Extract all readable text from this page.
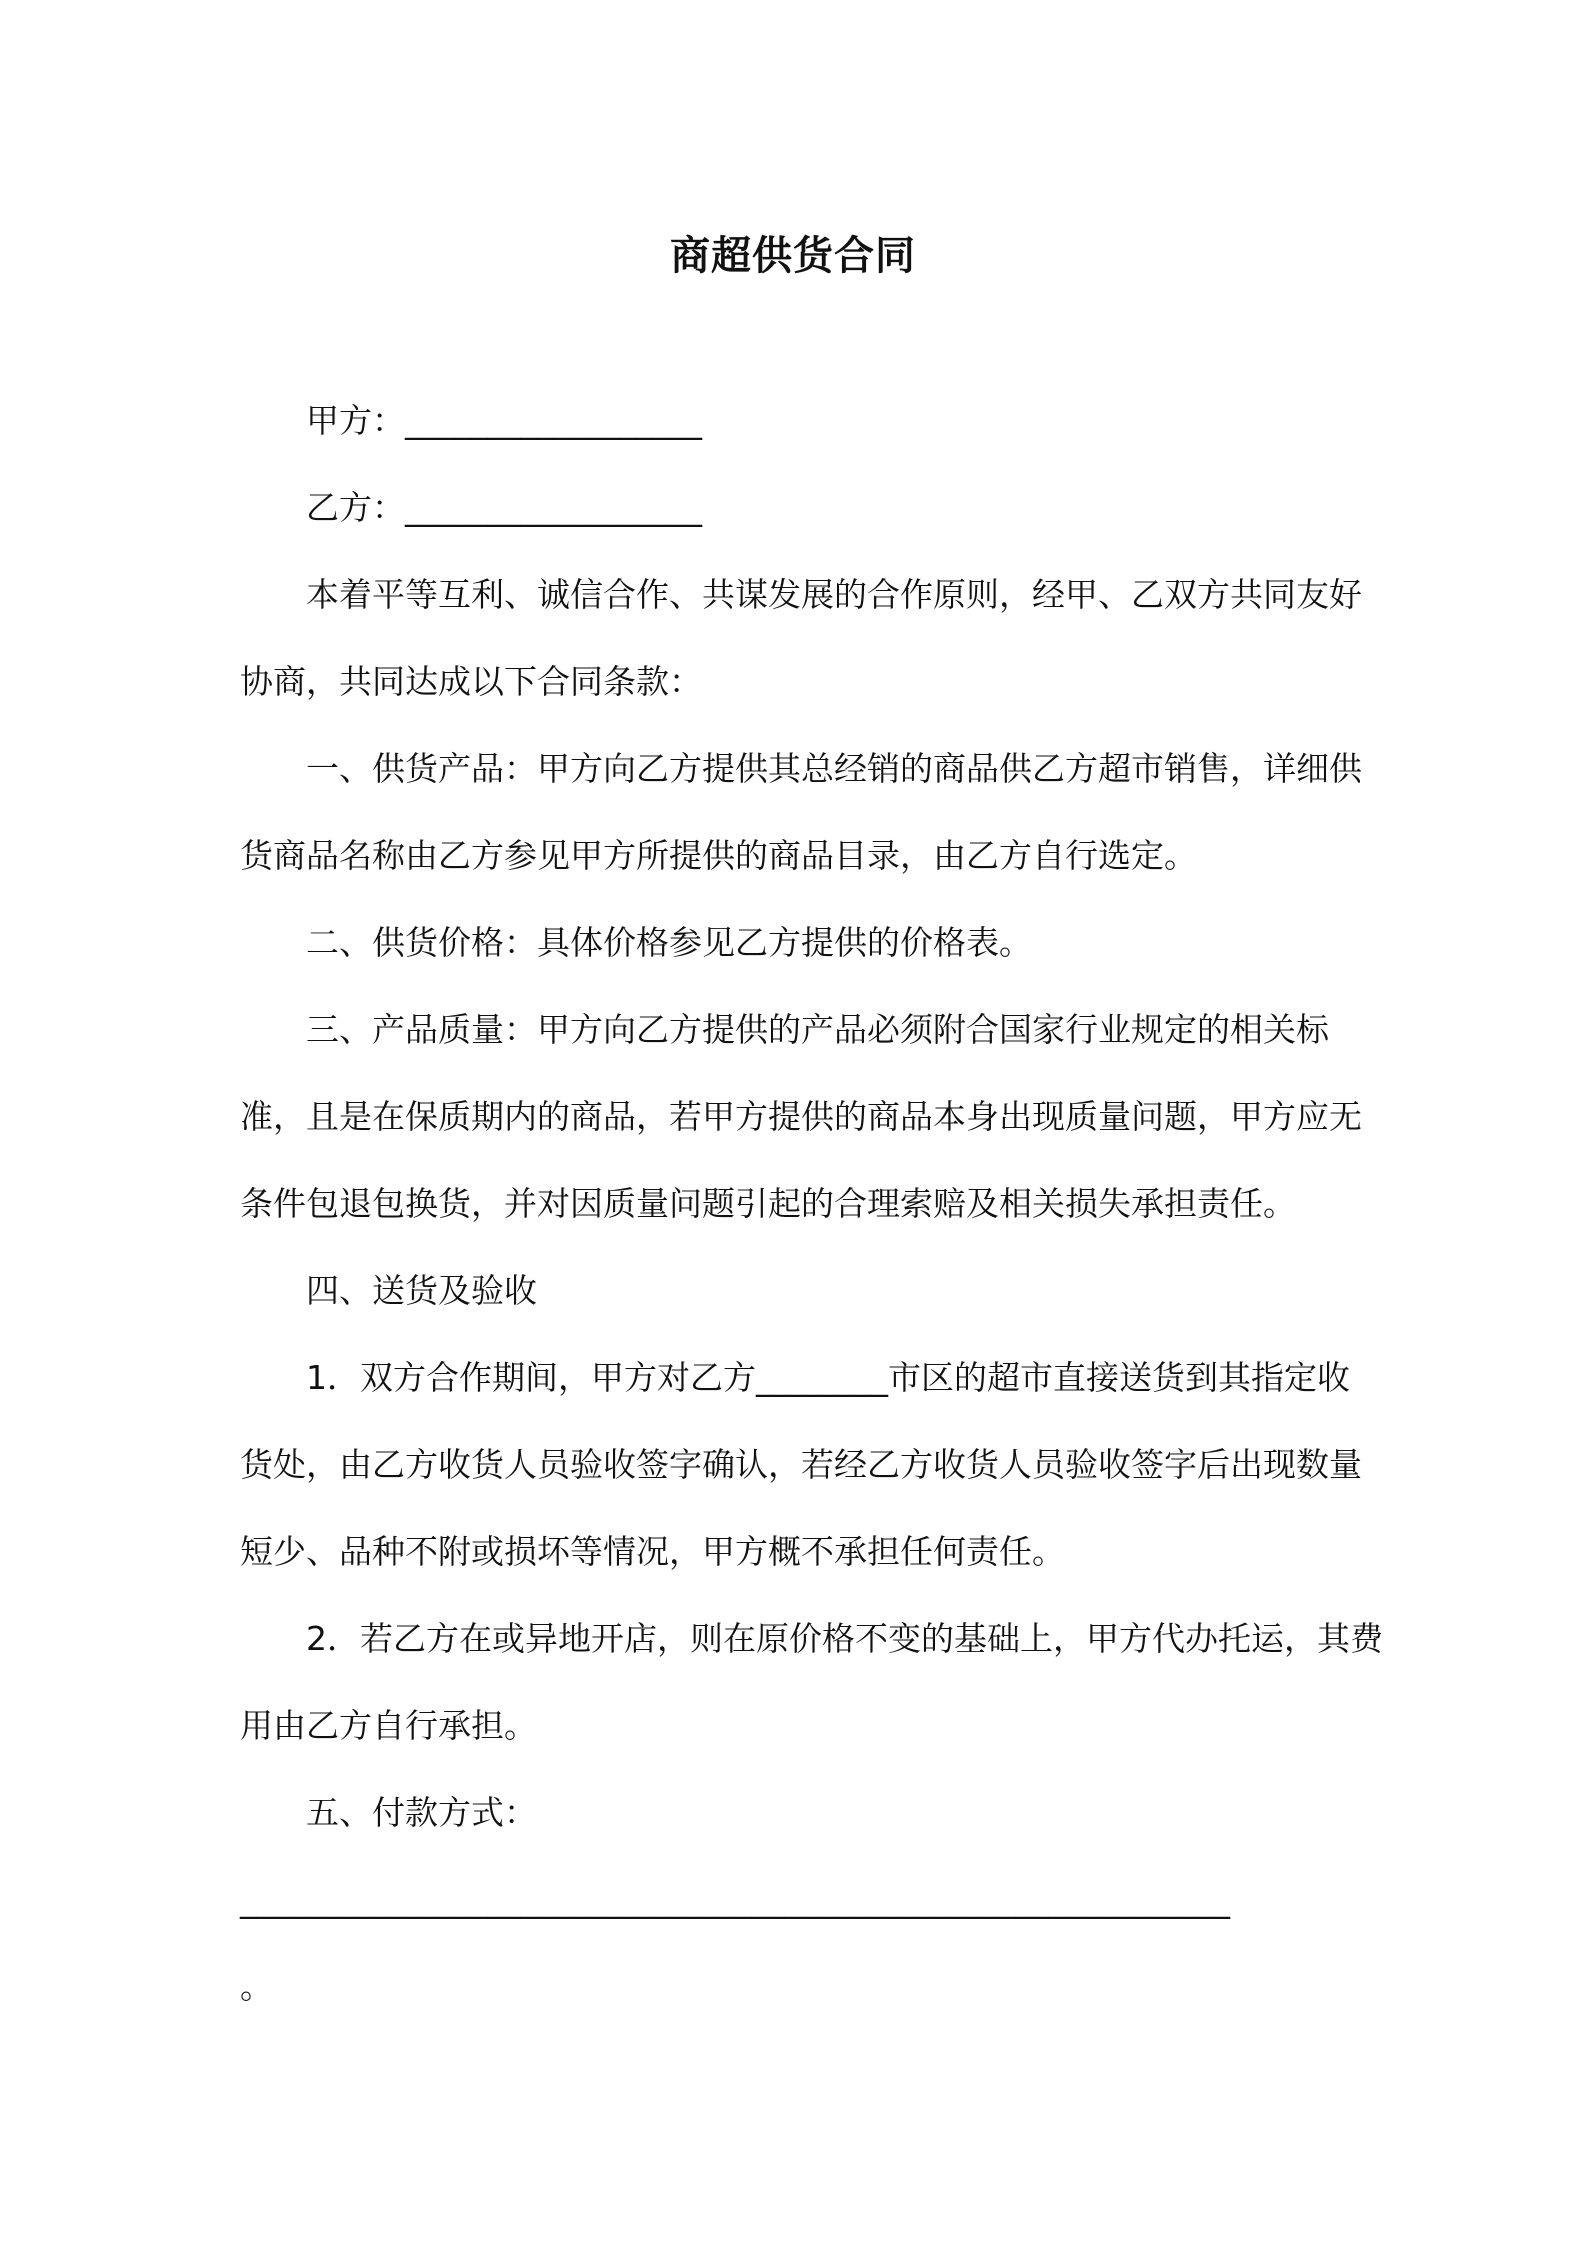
商超供货合同
甲方：__________________
乙方：__________________
本着平等互利、诚信合作、共谋发展的合作原则，经甲、乙双方共同友好
协商，共同达成以下合同条款：
一、供货产品：甲方向乙方提供其总经销的商品供乙方超市销售，详细供
货商品名称由乙方参见甲方所提供的商品目录，由乙方自行选定。
二、供货价格：具体价格参见乙方提供的价格表。
三、产品质量：甲方向乙方提供的产品必须附合国家行业规定的相关标
准，且是在保质期内的商品，若甲方提供的商品本身出现质量问题，甲方应无
条件包退包换货，并对因质量问题引起的合理索赔及相关损失承担责任。
四、送货及验收
1．双方合作期间，甲方对乙方________市区的超市直接送货到其指定收
货处，由乙方收货人员验收签字确认，若经乙方收货人员验收签字后出现数量
短少、品种不附或损坏等情况，甲方概不承担任何责任。
2．若乙方在或异地开店，则在原价格不变的基础上，甲方代办托运，其费
用由乙方自行承担。
五、付款方式：
____________________________________________________________
。
